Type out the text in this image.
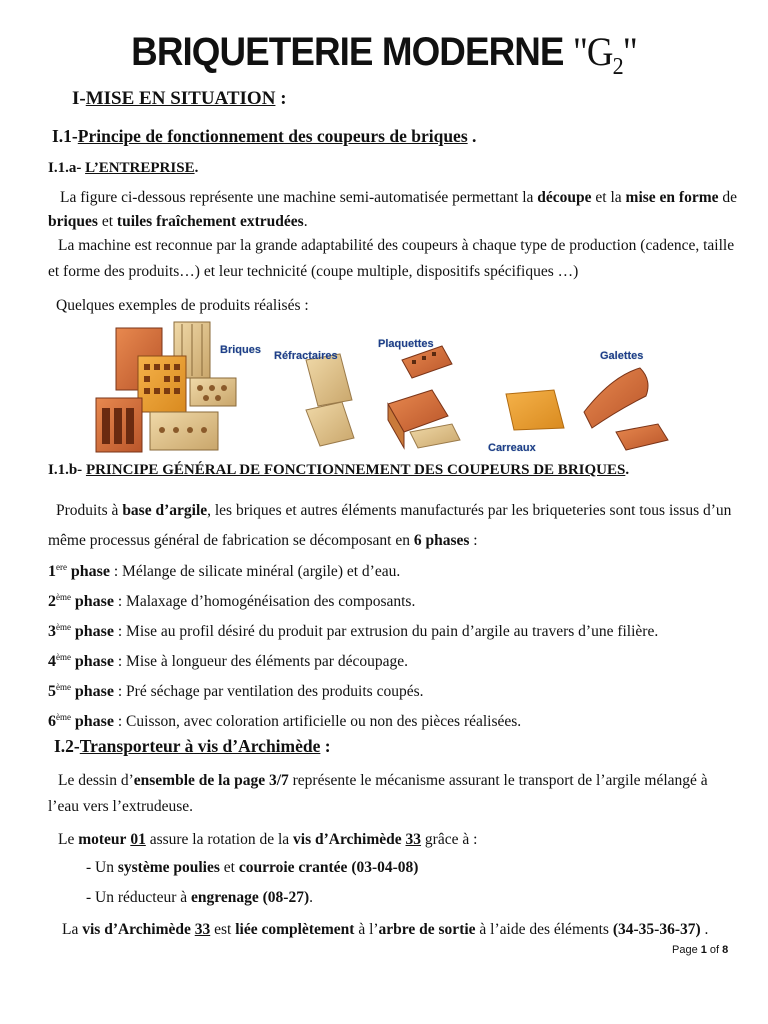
BRIQUETERIE MODERNE "$G_2$"
I-MISE EN SITUATION :
I.1-Principe de fonctionnement des coupeurs de briques .
I.1.a- L’ENTREPRISE.
La figure ci-dessous représente une machine semi-automatisée permettant la découpe et la mise en forme de
briques et tuiles fraîchement extrudées.
La machine est reconnue par la grande adaptabilité des coupeurs à chaque type de production (cadence, taille
et forme des produits…) et leur technicité (coupe multiple, dispositifs spécifiques …)
Quelques exemples de produits réalisés :
Briques Réfractaires
Plaquettes
Carreaux
Galettes
I.1.b- PRINCIPE GÉNÉRAL DE FONCTIONNEMENT DES COUPEURS DE BRIQUES.
Produits à base d’argile, les briques et autres éléments manufacturés par les briqueteries sont tous issus d’un
même processus général de fabrication se décomposant en 6 phases :
1ere phase : Mélange de silicate minéral (argile) et d’eau.
2ème phase : Malaxage d’homogénéisation des composants.
3ème phase : Mise au profil désiré du produit par extrusion du pain d’argile au travers d’une filière.
4ème phase : Mise à longueur des éléments par découpage.
5ème phase : Pré séchage par ventilation des produits coupés.
6ème phase : Cuisson, avec coloration artificielle ou non des pièces réalisées.
I.2-Transporteur à vis d’Archimède :
Le dessin d’ensemble de la page 3/7 représente le mécanisme assurant le transport de l’argile mélangé à
l’eau vers l’extrudeuse.
Le moteur 01 assure la rotation de la vis d’Archimède 33 grâce à :
- Un système poulies et courroie crantée (03-04-08)
- Un réducteur à engrenage (08-27).
La vis d’Archimède 33 est liée complètement à l’arbre de sortie à l’aide des éléments (34-35-36-37) .
Page 1 of 8
